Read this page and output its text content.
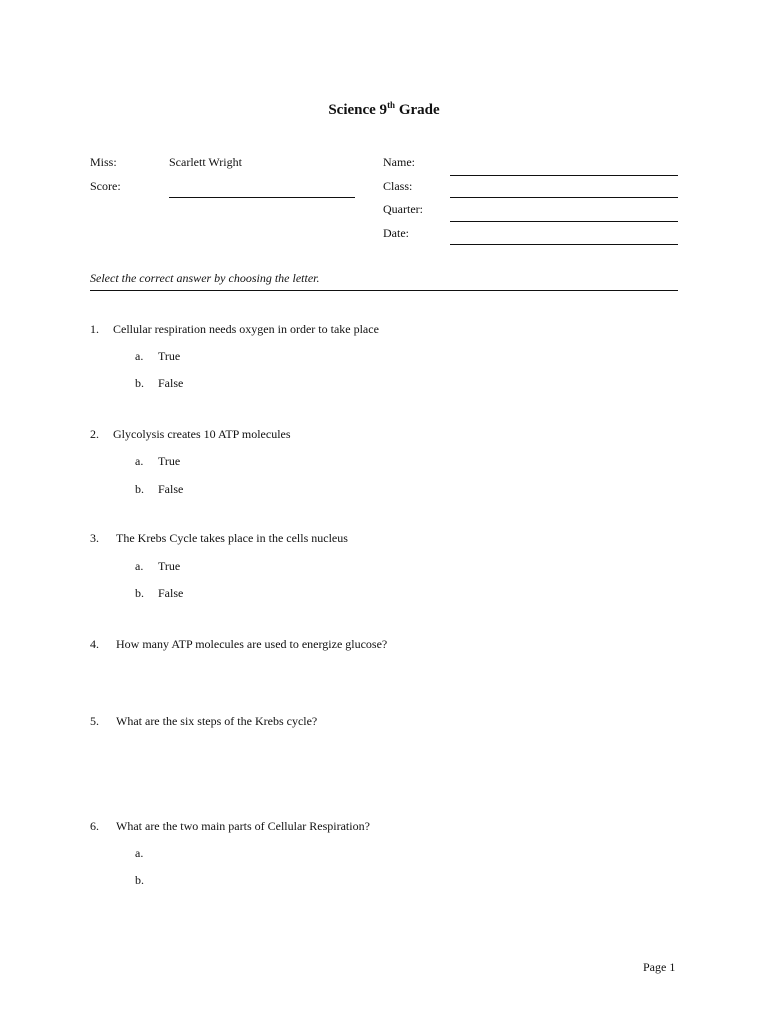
Science 9th Grade
Miss:	Scarlett Wright
Score:
Name:
Class:
Quarter:
Date:
Select the correct answer by choosing the letter.
1. Cellular respiration needs oxygen in order to take place
a. True
b. False
2. Glycolysis creates 10 ATP molecules
a. True
b. False
3. The Krebs Cycle takes place in the cells nucleus
a. True
b. False
4. How many ATP molecules are used to energize glucose?
5. What are the six steps of the Krebs cycle?
6. What are the two main parts of Cellular Respiration?
a.
b.
Page 1
